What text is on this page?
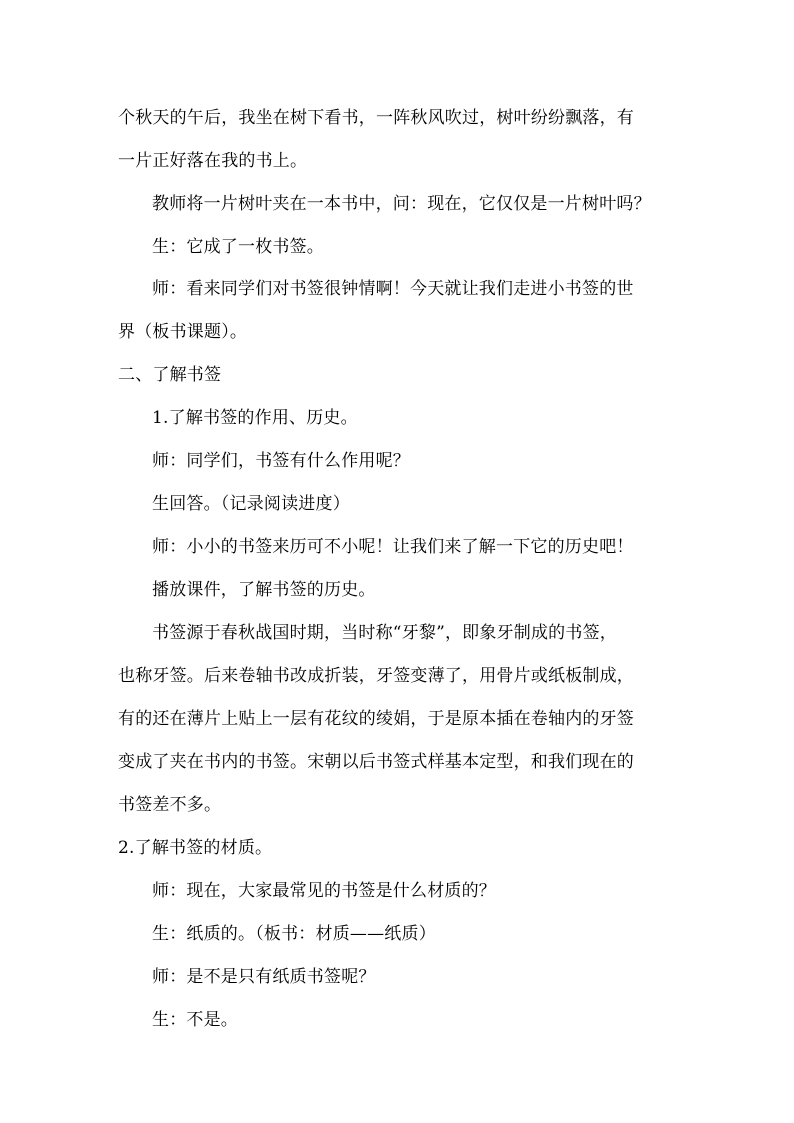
个秋天的午后，我坐在树下看书，一阵秋风吹过，树叶纷纷飘落，有
一片正好落在我的书上。
教师将一片树叶夹在一本书中，问：现在，它仅仅是一片树叶吗？
生：它成了一枚书签。
师：看来同学们对书签很钟情啊！今天就让我们走进小书签的世
界（板书课题）。
二、了解书签
1.了解书签的作用、历史。
师：同学们，书签有什么作用呢？
生回答。（记录阅读进度）
师：小小的书签来历可不小呢！让我们来了解一下它的历史吧！
播放课件，了解书签的历史。
书签源于春秋战国时期，当时称“牙黎”，即象牙制成的书签，
也称牙签。后来卷轴书改成折装，牙签变薄了，用骨片或纸板制成，
有的还在薄片上贴上一层有花纹的绫娟，于是原本插在卷轴内的牙签
变成了夹在书内的书签。宋朝以后书签式样基本定型，和我们现在的
书签差不多。
2.了解书签的材质。
师：现在，大家最常见的书签是什么材质的？
生：纸质的。（板书：材质——纸质）
师：是不是只有纸质书签呢？
生：不是。
